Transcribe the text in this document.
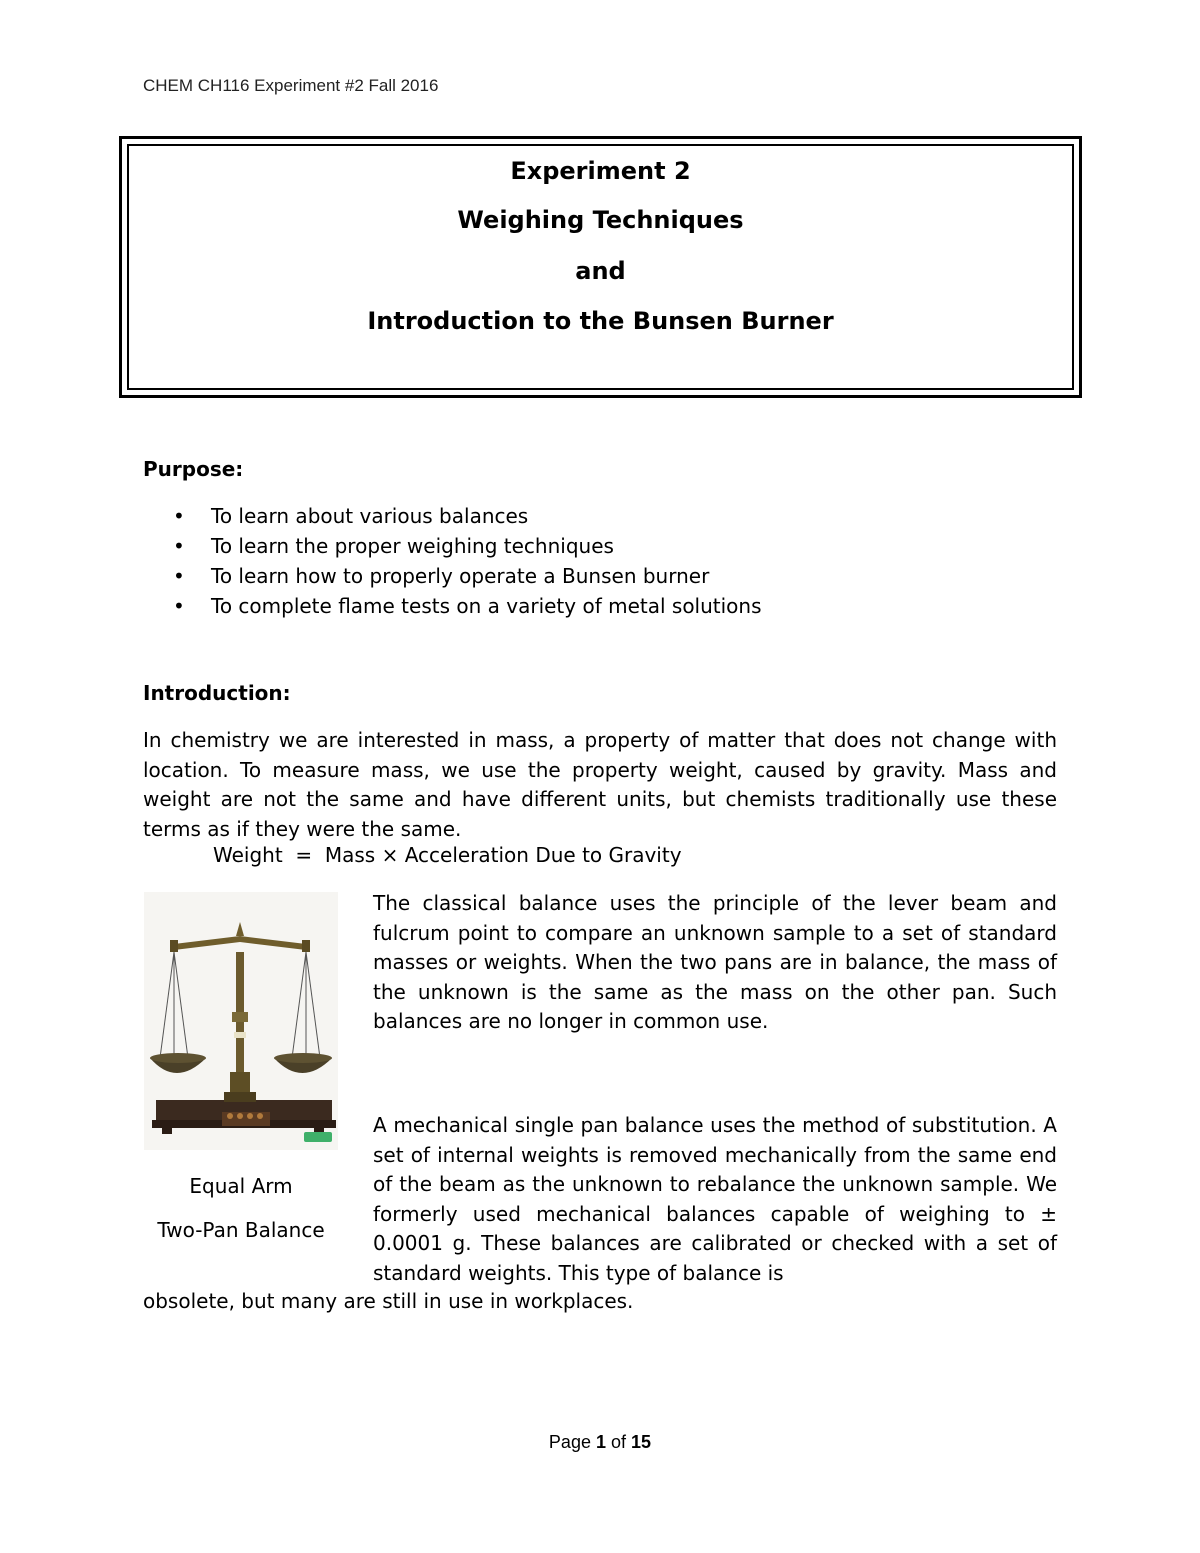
CHEM CH116 Experiment #2 Fall 2016

Experiment 2

Weighing Techniques

and

Introduction to the Bunsen Burner

Purpose:
• To learn about various balances
• To learn the proper weighing techniques
• To learn how to properly operate a Bunsen burner
• To complete flame tests on a variety of metal solutions
Introduction:

In chemistry we are interested in mass, a property of matter that does not change with location. To measure mass, we use the property weight, caused by gravity. Mass and weight are not the same and have different units, but chemists traditionally use these terms as if they were the same.

Weight  =  Mass × Acceleration Due to Gravity

Equal Arm

Two-Pan Balance

The classical balance uses the principle of the lever beam and fulcrum point to compare an unknown sample to a set of standard masses or weights. When the two pans are in balance, the mass of the unknown is the same as the mass on the other pan. Such balances are no longer in common use.

A mechanical single pan balance uses the method of substitution. A set of internal weights is removed mechanically from the same end of the beam as the unknown to rebalance the unknown sample. We formerly used mechanical balances capable of weighing to ± 0.0001 g. These balances are calibrated or checked with a set of standard weights. This type of balance is

obsolete, but many are still in use in workplaces.

Page 1 of 15
